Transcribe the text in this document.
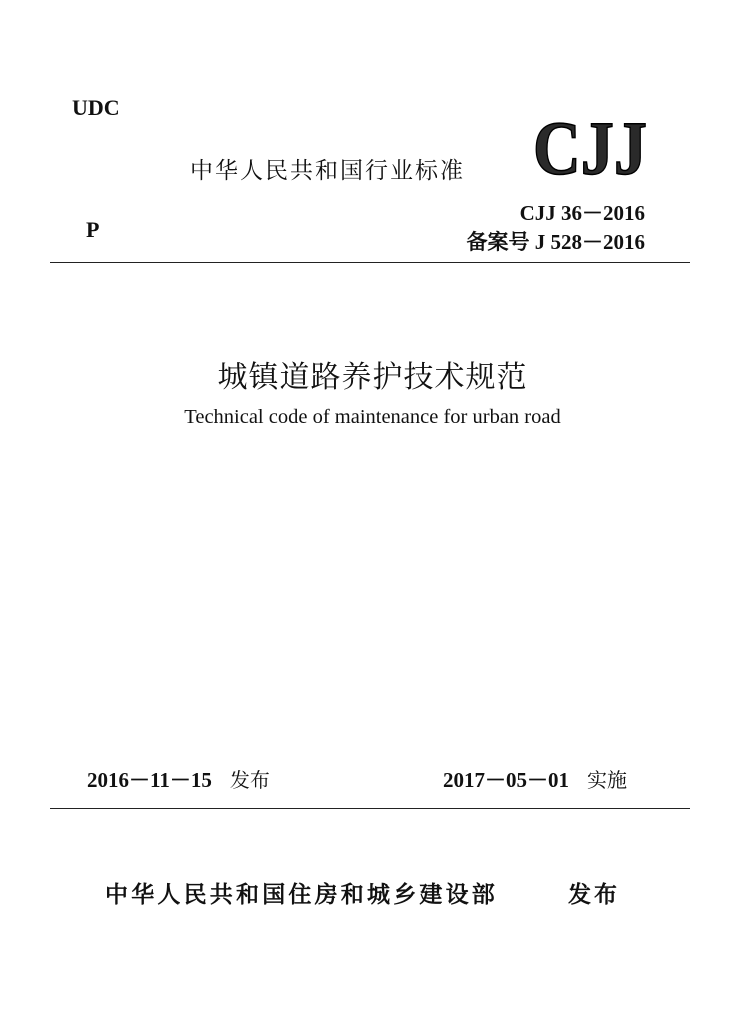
UDC
中华人民共和国行业标准 CJJ
P
CJJ 36－2016
备案号 J 528－2016
城镇道路养护技术规范
Technical code of maintenance for urban road
2016－11－15 发布	2017－05－01 实施
中华人民共和国住房和城乡建设部	发布
